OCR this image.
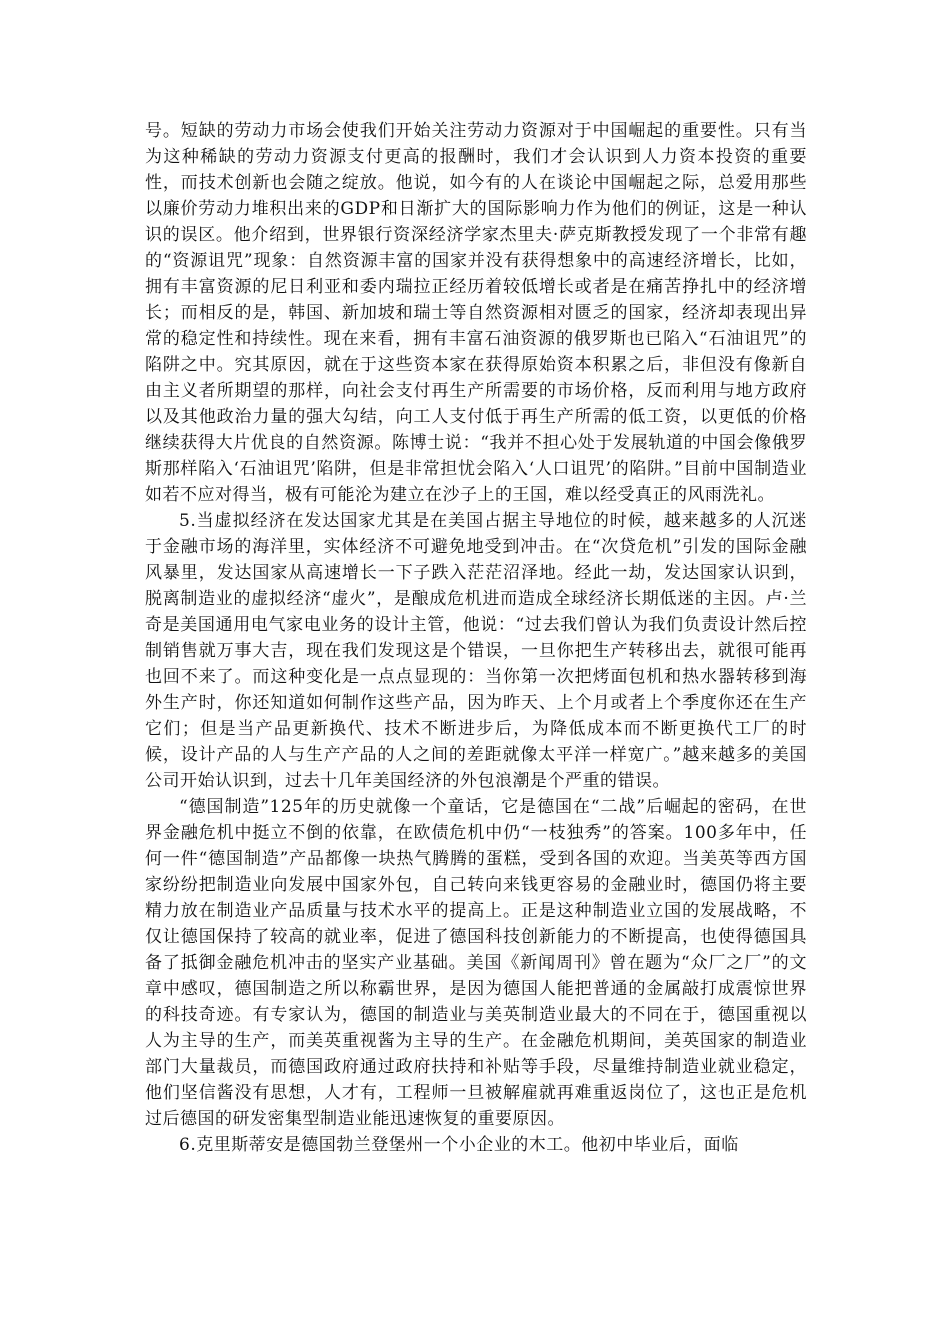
号。短缺的劳动力市场会使我们开始关注劳动力资源对于中国崛起的重要性。只有当为这种稀缺的劳动力资源支付更高的报酬时，我们才会认识到人力资本投资的重要性，而技术创新也会随之绽放。他说，如今有的人在谈论中国崛起之际，总爱用那些以廉价劳动力堆积出来的GDP和日渐扩大的国际影响力作为他们的例证，这是一种认识的误区。他介绍到，世界银行资深经济学家杰里夫·萨克斯教授发现了一个非常有趣的“资源诅咒”现象：自然资源丰富的国家并没有获得想象中的高速经济增长，比如，拥有丰富资源的尼日利亚和委内瑞拉正经历着较低增长或者是在痛苦挣扎中的经济增长；而相反的是，韩国、新加坡和瑞士等自然资源相对匮乏的国家，经济却表现出异常的稳定性和持续性。现在来看，拥有丰富石油资源的俄罗斯也已陷入“石油诅咒”的陷阱之中。究其原因，就在于这些资本家在获得原始资本积累之后，非但没有像新自由主义者所期望的那样，向社会支付再生产所需要的市场价格，反而利用与地方政府以及其他政治力量的强大勾结，向工人支付低于再生产所需的低工资，以更低的价格继续获得大片优良的自然资源。陈博士说：“我并不担心处于发展轨道的中国会像俄罗斯那样陷入‘石油诅咒’陷阱，但是非常担忧会陷入‘人口诅咒’的陷阱。”目前中国制造业如若不应对得当，极有可能沦为建立在沙子上的王国，难以经受真正的风雨洗礼。

5.当虚拟经济在发达国家尤其是在美国占据主导地位的时候，越来越多的人沉迷于金融市场的海洋里，实体经济不可避免地受到冲击。在“次贷危机”引发的国际金融风暴里，发达国家从高速增长一下子跌入茫茫沼泽地。经此一劫，发达国家认识到，脱离制造业的虚拟经济“虚火”，是酿成危机进而造成全球经济长期低迷的主因。卢·兰奇是美国通用电气家电业务的设计主管，他说：“过去我们曾认为我们负责设计然后控制销售就万事大吉，现在我们发现这是个错误，一旦你把生产转移出去，就很可能再也回不来了。而这种变化是一点点显现的：当你第一次把烤面包机和热水器转移到海外生产时，你还知道如何制作这些产品，因为昨天、上个月或者上个季度你还在生产它们；但是当产品更新换代、技术不断进步后，为降低成本而不断更换代工厂的时候，设计产品的人与生产产品的人之间的差距就像太平洋一样宽广。”越来越多的美国公司开始认识到，过去十几年美国经济的外包浪潮是个严重的错误。

“德国制造”125年的历史就像一个童话，它是德国在“二战”后崛起的密码，在世界金融危机中挺立不倒的依靠，在欧债危机中仍“一枝独秀”的答案。100多年中，任何一件“德国制造”产品都像一块热气腾腾的蛋糕，受到各国的欢迎。当美英等西方国家纷纷把制造业向发展中国家外包，自己转向来钱更容易的金融业时，德国仍将主要精力放在制造业产品质量与技术水平的提高上。正是这种制造业立国的发展战略，不仅让德国保持了较高的就业率，促进了德国科技创新能力的不断提高，也使得德国具备了抵御金融危机冲击的坚实产业基础。美国《新闻周刊》曾在题为“众厂之厂”的文章中感叹，德国制造之所以称霸世界，是因为德国人能把普通的金属敲打成震惊世界的科技奇迹。有专家认为，德国的制造业与美英制造业最大的不同在于，德国重视以人为主导的生产，而美英重视酱为主导的生产。在金融危机期间，美英国家的制造业部门大量裁员，而德国政府通过政府扶持和补贴等手段，尽量维持制造业就业稳定，他们坚信酱没有思想，人才有，工程师一旦被解雇就再难重返岗位了，这也正是危机过后德国的研发密集型制造业能迅速恢复的重要原因。

6.克里斯蒂安是德国勃兰登堡州一个小企业的木工。他初中毕业后，面临
